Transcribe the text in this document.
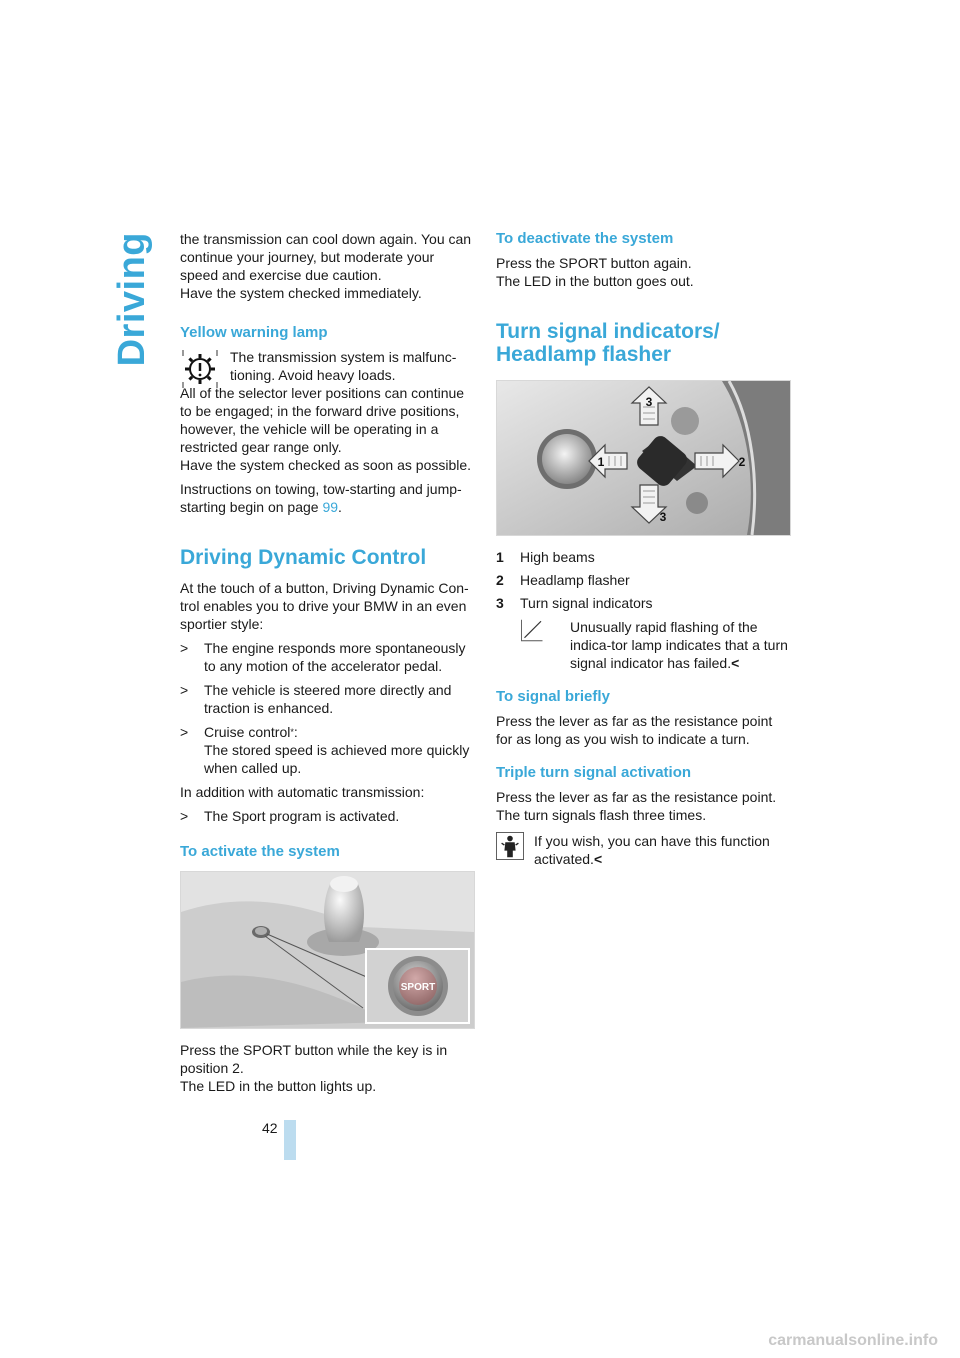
Driving
42

the transmission can cool down again. You can continue your journey, but moderate your speed and exercise due caution.

Have the system checked immediately.

Yellow warning lamp
The transmission system is malfunc-tioning. Avoid heavy loads.
All of the selector lever positions can continue to be engaged; in the forward drive positions, however, the vehicle will be operating in a restricted gear range only.
Have the system checked as soon as possible.

Instructions on towing, tow-starting and jump-starting begin on page 99.

Driving Dynamic Control

At the touch of a button, Driving Dynamic Con-trol enables you to drive your BMW in an even sportier style:

>	The engine responds more spontaneously to any motion of the accelerator pedal.
>	The vehicle is steered more directly and traction is enhanced.
>	Cruise control*:
The stored speed is achieved more quickly when called up.

In addition with automatic transmission:

>	The Sport program is activated.
To activate the system
SPORT

Press the SPORT button while the key is in position 2.

The LED in the button lights up.

To deactivate the system

Press the SPORT button again.

The LED in the button goes out.

Turn signal indicators/
Headlamp flasher
3
1	2
3
1	High beams
2	Headlamp flasher
3	Turn signal indicators
Unusually rapid flashing of the indica-tor lamp indicates that a turn signal indicator has failed.<
To signal briefly

Press the lever as far as the resistance point for as long as you wish to indicate a turn.

Triple turn signal activation

Press the lever as far as the resistance point.

The turn signals flash three times.

If you wish, you can have this function activated.<
carmanualsonline.info
